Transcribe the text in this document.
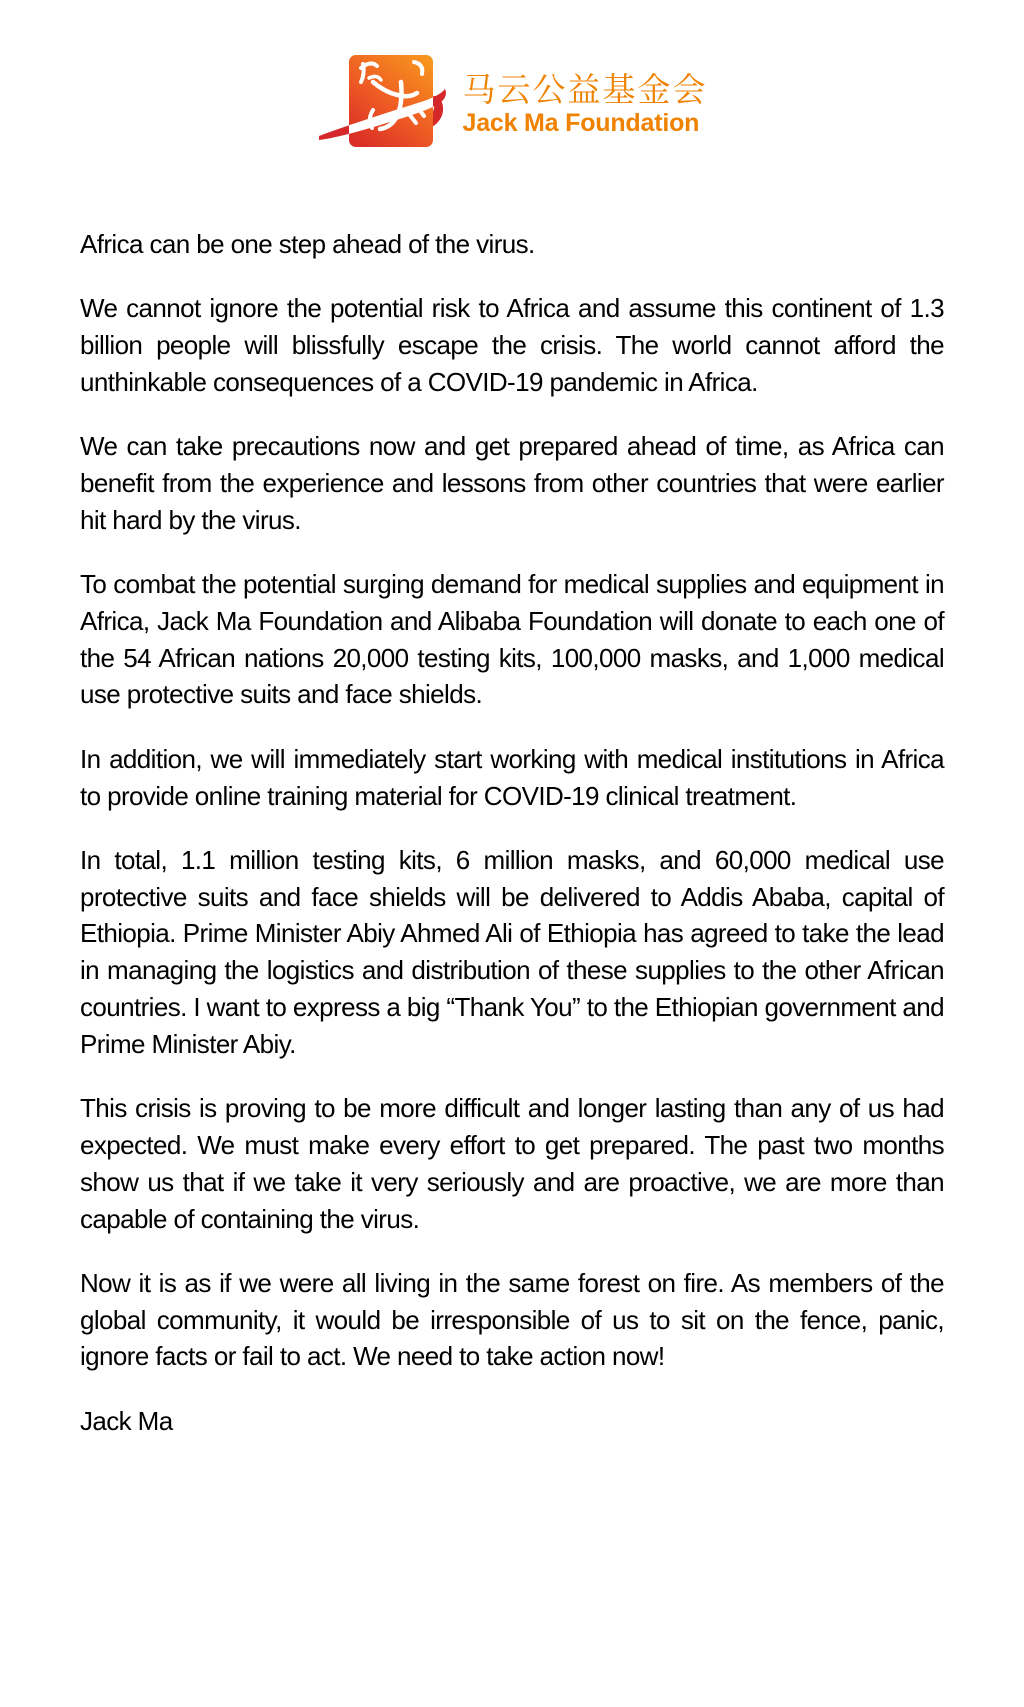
马云公益基金会
Jack Ma Foundation

Africa can be one step ahead of the virus.

We cannot ignore the potential risk to Africa and assume this continent of 1.3 billion people will blissfully escape the crisis. The world cannot afford the unthinkable consequences of a COVID-19 pandemic in Africa.

We can take precautions now and get prepared ahead of time, as Africa can benefit from the experience and lessons from other countries that were earlier hit hard by the virus.

To combat the potential surging demand for medical supplies and equipment in Africa, Jack Ma Foundation and Alibaba Foundation will donate to each one of the 54 African nations 20,000 testing kits, 100,000 masks, and 1,000 medical use protective suits and face shields.

In addition, we will immediately start working with medical institutions in Africa to provide online training material for COVID-19 clinical treatment.

In total, 1.1 million testing kits, 6 million masks, and 60,000 medical use protective suits and face shields will be delivered to Addis Ababa, capital of Ethiopia. Prime Minister Abiy Ahmed Ali of Ethiopia has agreed to take the lead in managing the logistics and distribution of these supplies to the other African countries. I want to express a big “Thank You” to the Ethiopian government and Prime Minister Abiy.

This crisis is proving to be more difficult and longer lasting than any of us had expected. We must make every effort to get prepared. The past two months show us that if we take it very seriously and are proactive, we are more than capable of containing the virus.

Now it is as if we were all living in the same forest on fire. As members of the global community, it would be irresponsible of us to sit on the fence, panic, ignore facts or fail to act. We need to take action now!

Jack Ma
